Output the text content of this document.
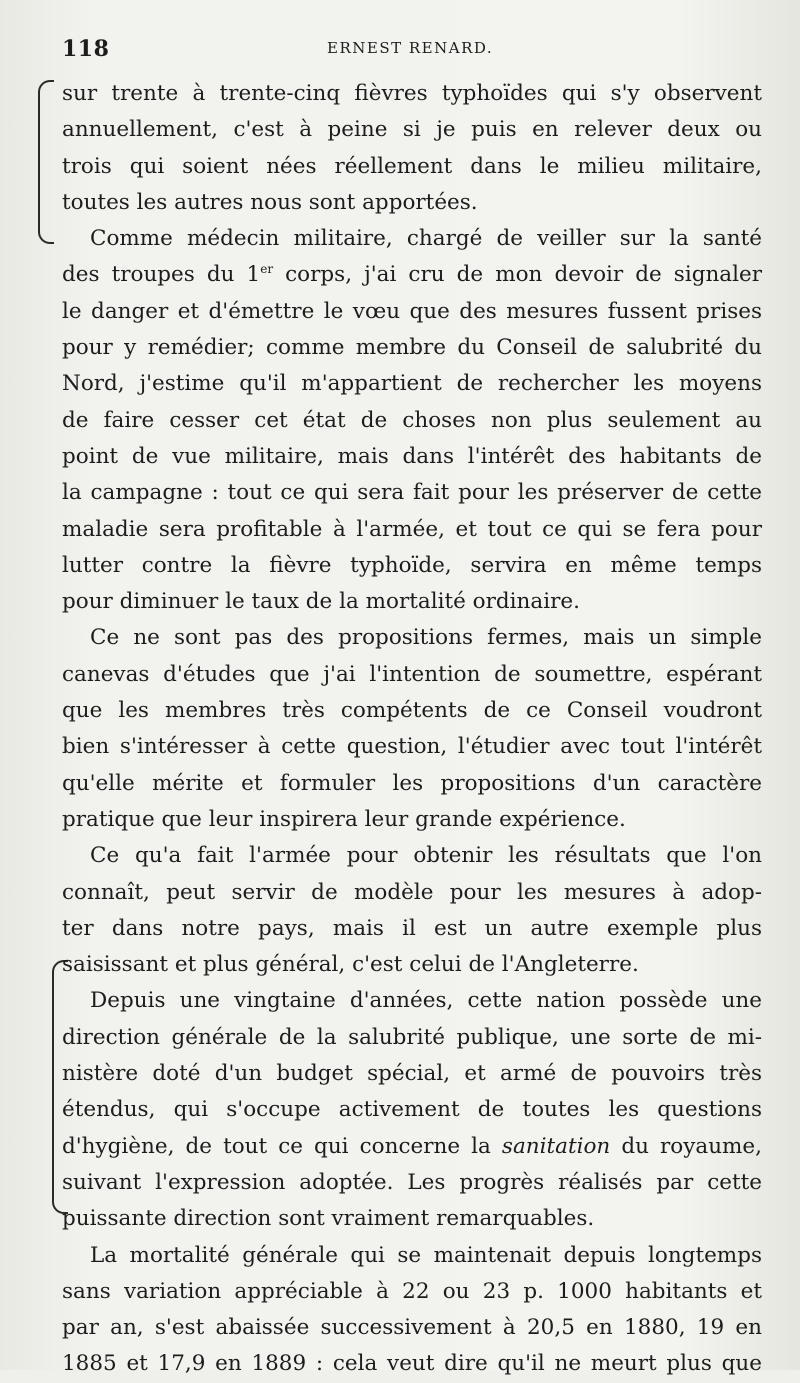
118	ERNEST RENARD.
sur trente à trente-cinq fièvres typhoïdes qui s'y observent
annuellement, c'est à peine si je puis en relever deux ou
trois qui soient nées réellement dans le milieu militaire,
toutes les autres nous sont apportées.
Comme médecin militaire, chargé de veiller sur la santé
des troupes du 1er corps, j'ai cru de mon devoir de signaler
le danger et d'émettre le vœu que des mesures fussent prises
pour y remédier; comme membre du Conseil de salubrité du
Nord, j'estime qu'il m'appartient de rechercher les moyens
de faire cesser cet état de choses non plus seulement au
point de vue militaire, mais dans l'intérêt des habitants de
la campagne : tout ce qui sera fait pour les préserver de cette
maladie sera profitable à l'armée, et tout ce qui se fera pour
lutter contre la fièvre typhoïde, servira en même temps
pour diminuer le taux de la mortalité ordinaire.
Ce ne sont pas des propositions fermes, mais un simple
canevas d'études que j'ai l'intention de soumettre, espérant
que les membres très compétents de ce Conseil voudront
bien s'intéresser à cette question, l'étudier avec tout l'intérêt
qu'elle mérite et formuler les propositions d'un caractère
pratique que leur inspirera leur grande expérience.
Ce qu'a fait l'armée pour obtenir les résultats que l'on
connaît, peut servir de modèle pour les mesures à adop-
ter dans notre pays, mais il est un autre exemple plus
saisissant et plus général, c'est celui de l'Angleterre.
Depuis une vingtaine d'années, cette nation possède une
direction générale de la salubrité publique, une sorte de mi-
nistère doté d'un budget spécial, et armé de pouvoirs très
étendus, qui s'occupe activement de toutes les questions
d'hygiène, de tout ce qui concerne la sanitation du royaume,
suivant l'expression adoptée. Les progrès réalisés par cette
puissante direction sont vraiment remarquables.
La mortalité générale qui se maintenait depuis longtemps
sans variation appréciable à 22 ou 23 p. 1000 habitants et
par an, s'est abaissée successivement à 20,5 en 1880, 19 en
1885 et 17,9 en 1889 : cela veut dire qu'il ne meurt plus que
